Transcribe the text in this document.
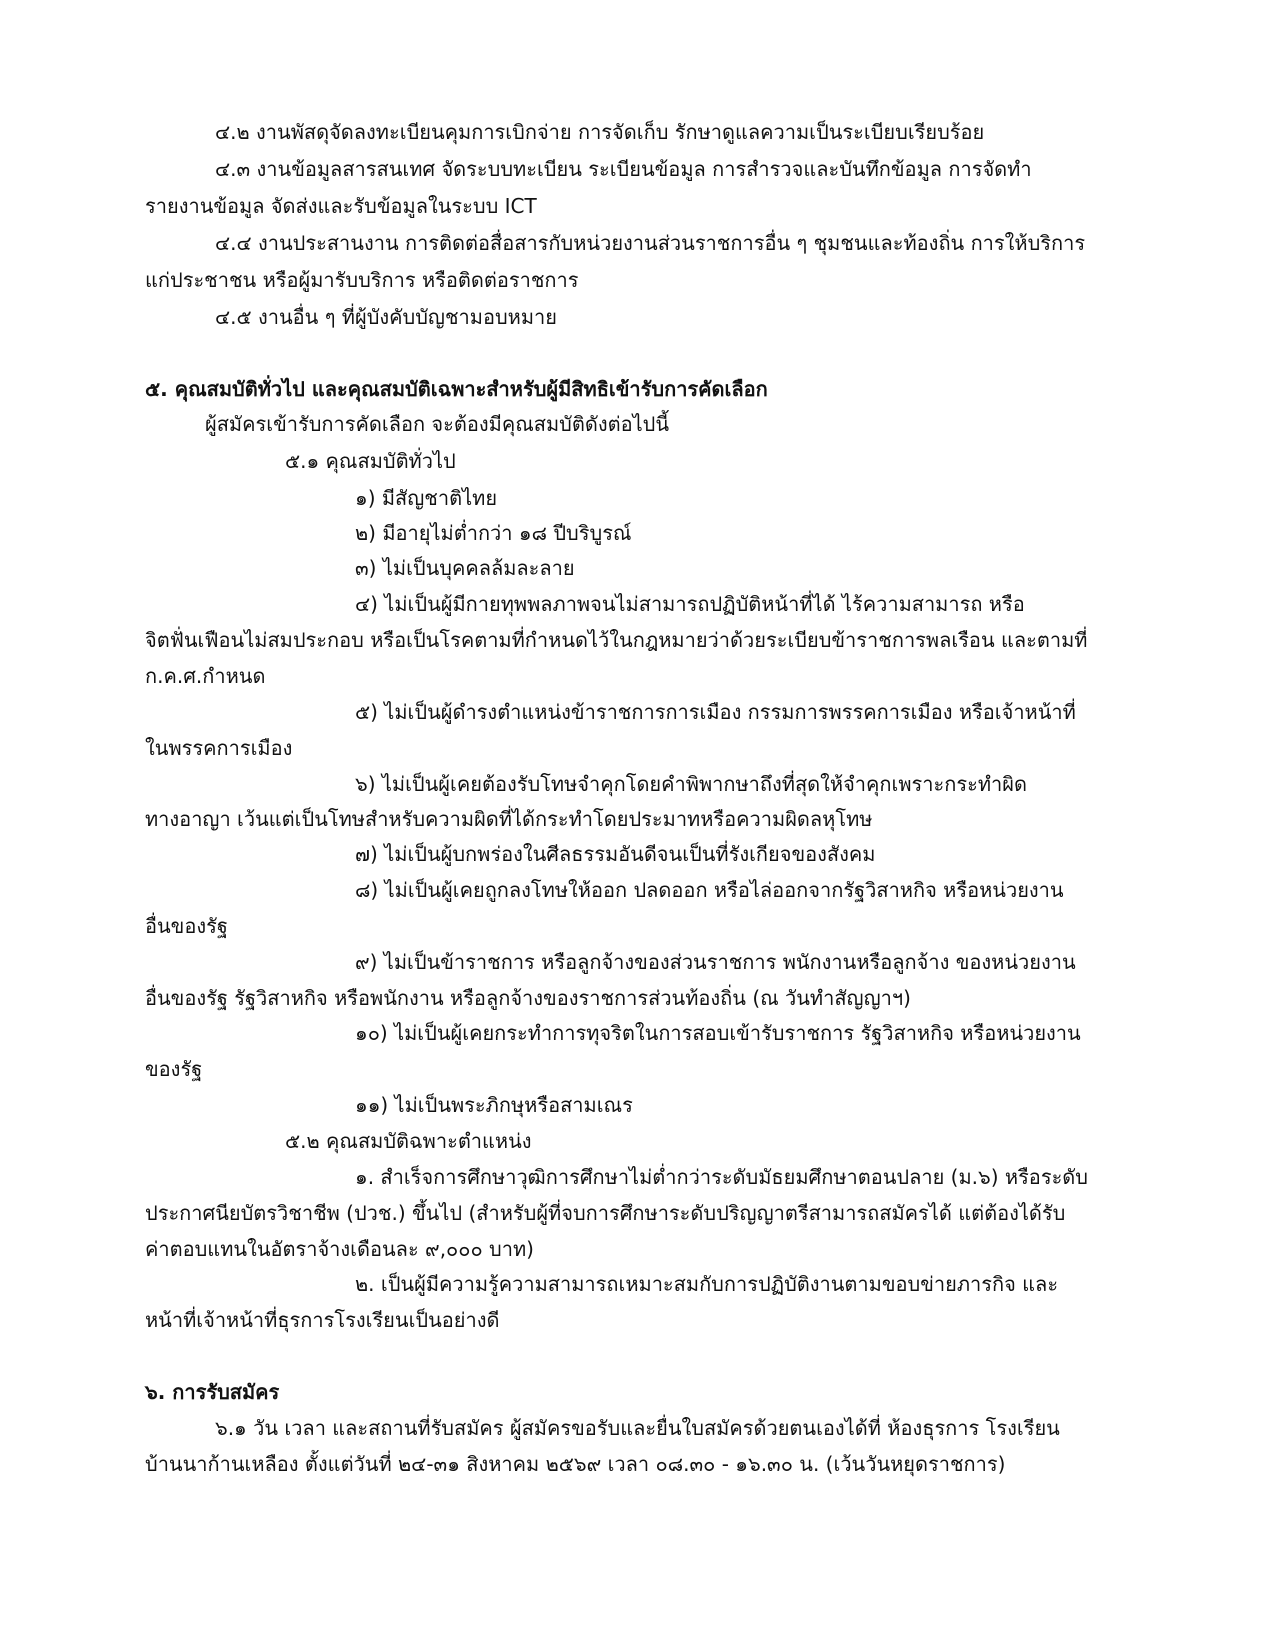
๔.๒ งานพัสดุจัดลงทะเบียนคุมการเบิกจ่าย การจัดเก็บ รักษาดูแลความเป็นระเบียบเรียบร้อย
๔.๓ งานข้อมูลสารสนเทศ จัดระบบทะเบียน ระเบียนข้อมูล การสำรวจและบันทึกข้อมูล การจัดทำ
รายงานข้อมูล จัดส่งและรับข้อมูลในระบบ ICT
๔.๔ งานประสานงาน การติดต่อสื่อสารกับหน่วยงานส่วนราชการอื่น ๆ ชุมชนและท้องถิ่น การให้บริการ
แก่ประชาชน หรือผู้มารับบริการ หรือติดต่อราชการ
๔.๕ งานอื่น ๆ ที่ผู้บังคับบัญชามอบหมาย
๕. คุณสมบัติทั่วไป และคุณสมบัติเฉพาะสำหรับผู้มีสิทธิเข้ารับการคัดเลือก
ผู้สมัครเข้ารับการคัดเลือก จะต้องมีคุณสมบัติดังต่อไปนี้
๕.๑ คุณสมบัติทั่วไป
๑) มีสัญชาติไทย
๒) มีอายุไม่ต่ำกว่า ๑๘ ปีบริบูรณ์
๓) ไม่เป็นบุคคลล้มละลาย
๔) ไม่เป็นผู้มีกายทุพพลภาพจนไม่สามารถปฏิบัติหน้าที่ได้ ไร้ความสามารถ หรือ
จิตฟั่นเฟือนไม่สมประกอบ หรือเป็นโรคตามที่กำหนดไว้ในกฎหมายว่าด้วยระเบียบข้าราชการพลเรือน และตามที่
ก.ค.ศ.กำหนด
๕) ไม่เป็นผู้ดำรงตำแหน่งข้าราชการการเมือง กรรมการพรรคการเมือง หรือเจ้าหน้าที่
ในพรรคการเมือง
๖) ไม่เป็นผู้เคยต้องรับโทษจำคุกโดยคำพิพากษาถึงที่สุดให้จำคุกเพราะกระทำผิด
ทางอาญา เว้นแต่เป็นโทษสำหรับความผิดที่ได้กระทำโดยประมาทหรือความผิดลหุโทษ
๗) ไม่เป็นผู้บกพร่องในศีลธรรมอันดีจนเป็นที่รังเกียจของสังคม
๘) ไม่เป็นผู้เคยถูกลงโทษให้ออก ปลดออก หรือไล่ออกจากรัฐวิสาหกิจ หรือหน่วยงาน
อื่นของรัฐ
๙) ไม่เป็นข้าราชการ หรือลูกจ้างของส่วนราชการ พนักงานหรือลูกจ้าง ของหน่วยงาน
อื่นของรัฐ รัฐวิสาหกิจ หรือพนักงาน หรือลูกจ้างของราชการส่วนท้องถิ่น (ณ วันทำสัญญาฯ)
๑๐) ไม่เป็นผู้เคยกระทำการทุจริตในการสอบเข้ารับราชการ รัฐวิสาหกิจ หรือหน่วยงาน
ของรัฐ
๑๑) ไม่เป็นพระภิกษุหรือสามเณร
๕.๒ คุณสมบัติฉพาะตำแหน่ง
๑. สำเร็จการศึกษาวุฒิการศึกษาไม่ต่ำกว่าระดับมัธยมศึกษาตอนปลาย (ม.๖) หรือระดับ
ประกาศนียบัตรวิชาชีพ (ปวช.) ขึ้นไป (สำหรับผู้ที่จบการศึกษาระดับปริญญาตรีสามารถสมัครได้ แต่ต้องได้รับ
ค่าตอบแทนในอัตราจ้างเดือนละ ๙,๐๐๐ บาท)
๒. เป็นผู้มีความรู้ความสามารถเหมาะสมกับการปฏิบัติงานตามขอบข่ายภารกิจ และ
หน้าที่เจ้าหน้าที่ธุรการโรงเรียนเป็นอย่างดี
๖. การรับสมัคร
๖.๑ วัน เวลา และสถานที่รับสมัคร ผู้สมัครขอรับและยื่นใบสมัครด้วยตนเองได้ที่ ห้องธุรการ โรงเรียน
บ้านนาก้านเหลือง ตั้งแต่วันที่ ๒๔-๓๑ สิงหาคม ๒๕๖๙ เวลา ๐๘.๓๐ - ๑๖.๓๐ น. (เว้นวันหยุดราชการ)
